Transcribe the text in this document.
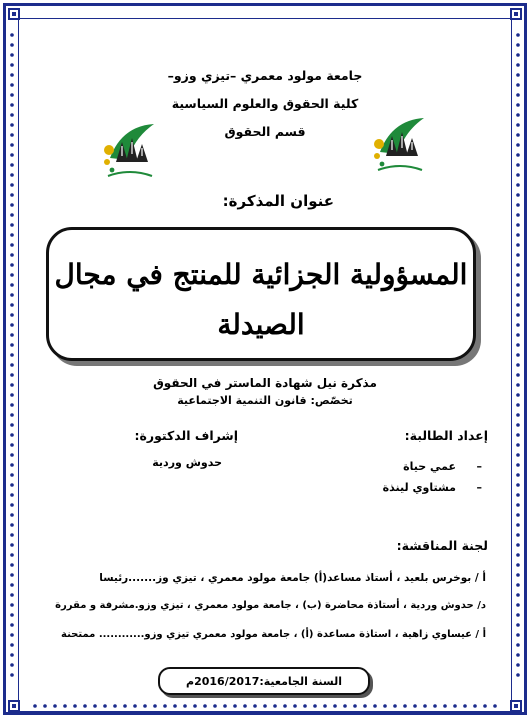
جامعة مولود معمري –تيزي وزو–
كلية الحقوق والعلوم السياسية
قسم الحقوق
عنوان المذكرة:
المسؤولية الجزائية للمنتج في مجال
الصيدلة
مذكرة نيل شهادة الماستر في الحقوق
تخصّص: قانون التنمية الاجتماعية
إعداد الطالبة:
إشراف الدكتورة:
عمي حياة –
مشتاوي لينذة –
حدوش وردية
لجنة المناقشة:
أ / بوخرس بلعيد ، أستاذ مساعد(أ) جامعة مولود معمري ، تيزي وز.......رئيسا
د/ حدوش وردية ، أستاذة محاضرة (ب) ، جامعة مولود معمري ، تيزي وزو.مشرفة و مقررة
أ / عيساوي زاهية ، استاذة مساعدة (أ) ، جامعة مولود معمري تيزي وزو............ ممتحنة
السنة الجامعية:2016/2017م
